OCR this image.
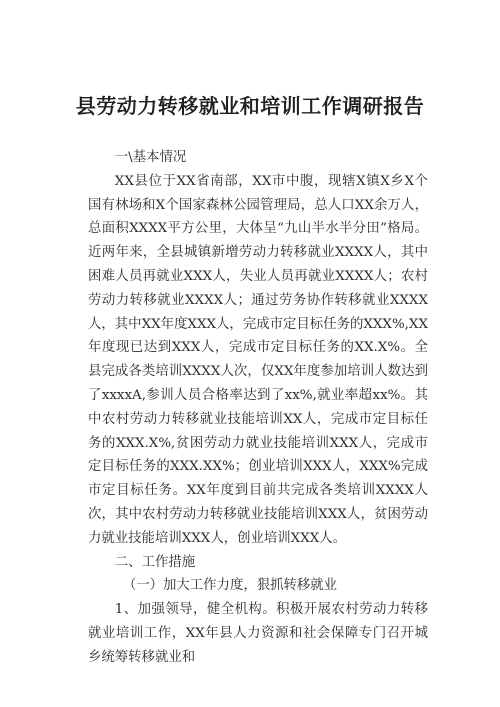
县劳动力转移就业和培训工作调研报告

一\基本情况

XX县位于XX省南部，XX市中腹，现辖X镇X乡X个国有林场和X个国家森林公园管理局，总人口XX余万人，总面积XXXX平方公里，大体呈“九山半水半分田”格局。近两年来，全县城镇新增劳动力转移就业XXXX人，其中困难人员再就业XXX人，失业人员再就业XXXX人；农村劳动力转移就业XXXX人；通过劳务协作转移就业XXXX人，其中XX年度XXX人，完成市定目标任务的XXX%,XX年度现已达到XXX人，完成市定目标任务的XX.X%。全县完成各类培训XXXX人次，仅XX年度参加培训人数达到了xxxxA,参训人员合格率达到了xx%,就业率超xx%。其中农村劳动力转移就业技能培训XX人，完成市定目标任务的XXX.X%,贫困劳动力就业技能培训XXX人，完成市定目标任务的XXX.XX%；创业培训XXX人，XXX%完成市定目标任务。XX年度到目前共完成各类培训XXXX人次，其中农村劳动力转移就业技能培训XXX人，贫困劳动力就业技能培训XXX人，创业培训XXX人。

二、工作措施

（一）加大工作力度，狠抓转移就业

1、加强领导，健全机构。积极开展农村劳动力转移就业培训工作，XX年县人力资源和社会保障专门召开城乡统筹转移就业和
